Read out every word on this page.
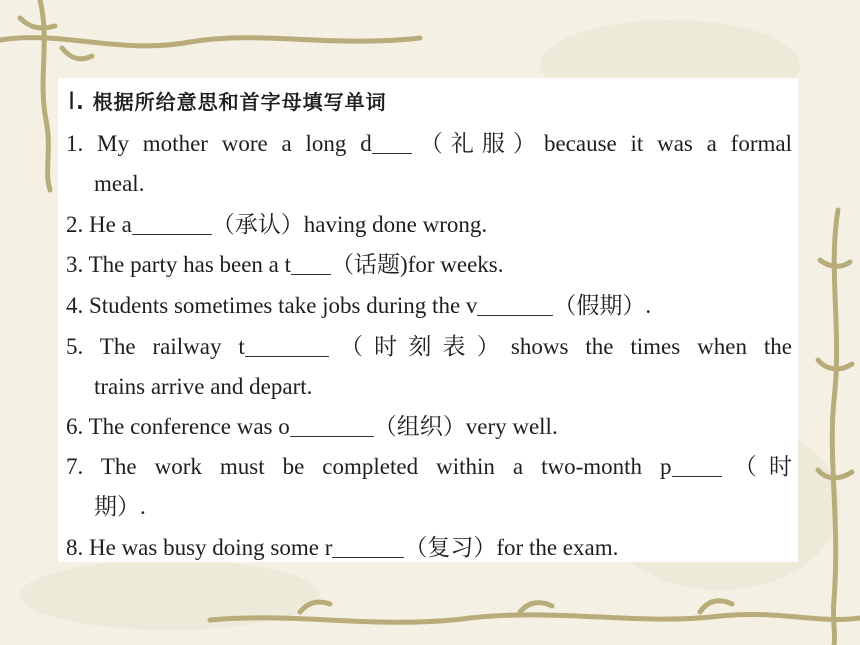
Ⅰ. 根据所给意思和首字母填写单词
1. My mother wore a long d （礼服）because it was a formal
meal.
2. He a	（承认）having done wrong.
3. The party has been a t （话题)for weeks.
4. Students sometimes take jobs during the v	（假期）.
5. The railway t	（时刻表）shows the times when the
trains arrive and depart.
6. The conference was o	（组织）very well.
7. The work must be completed within a two-month p （时
期）.
8. He was busy doing some r	（复习）for the exam.
